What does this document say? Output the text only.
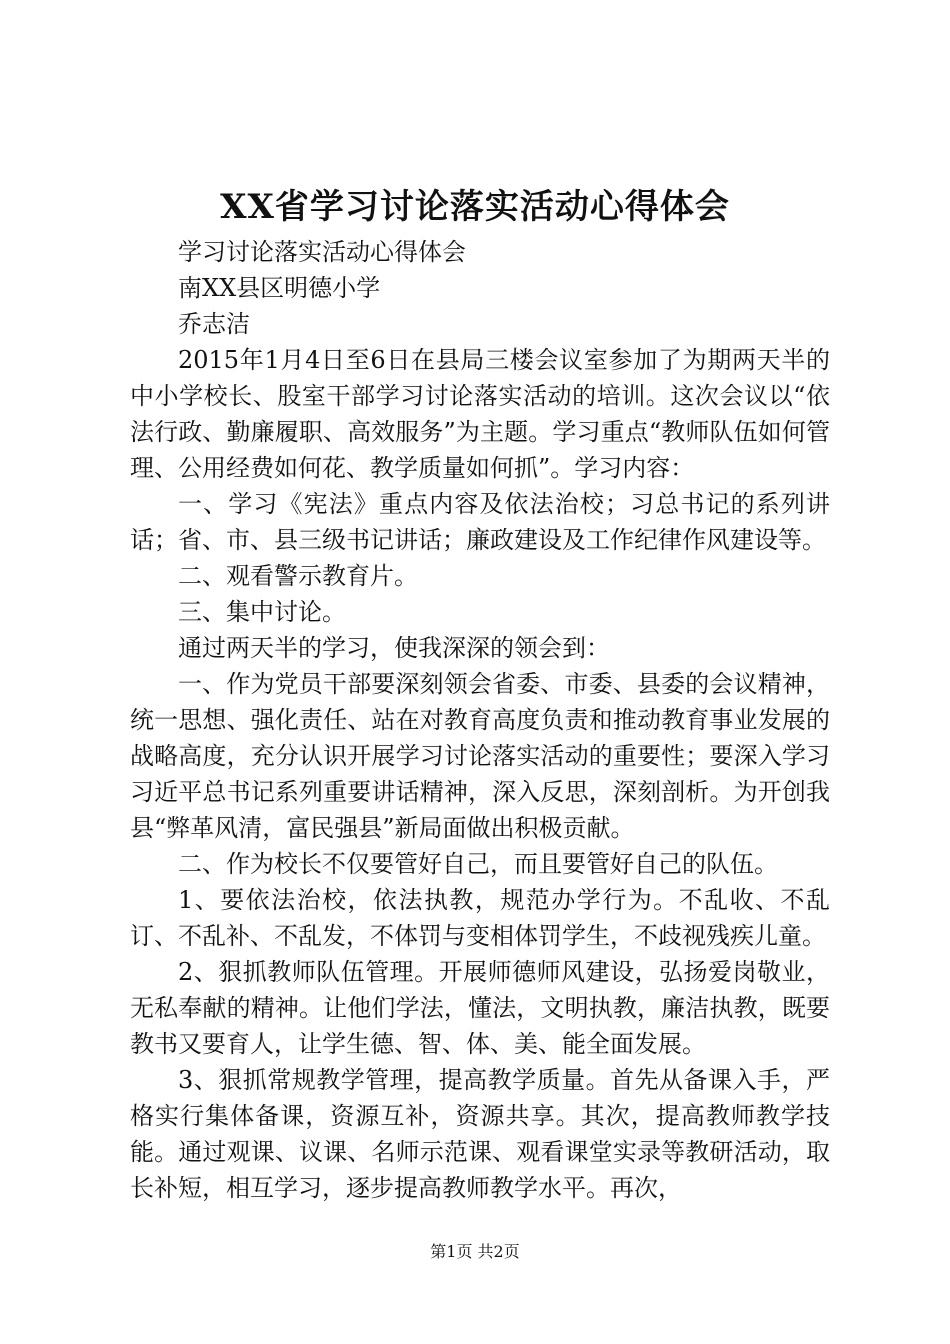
XX省学习讨论落实活动心得体会

学习讨论落实活动心得体会

南XX县区明德小学

乔志洁

2015年1月4日至6日在县局三楼会议室参加了为期两天半的中小学校长、股室干部学习讨论落实活动的培训。这次会议以“依法行政、勤廉履职、高效服务”为主题。学习重点“教师队伍如何管理、公用经费如何花、教学质量如何抓”。学习内容：

一、学习《宪法》重点内容及依法治校；习总书记的系列讲话；省、市、县三级书记讲话；廉政建设及工作纪律作风建设等。

二、观看警示教育片。

三、集中讨论。

通过两天半的学习，使我深深的领会到：

一、作为党员干部要深刻领会省委、市委、县委的会议精神，统一思想、强化责任、站在对教育高度负责和推动教育事业发展的战略高度，充分认识开展学习讨论落实活动的重要性；要深入学习习近平总书记系列重要讲话精神，深入反思，深刻剖析。为开创我县“弊革风清，富民强县”新局面做出积极贡献。

二、作为校长不仅要管好自己，而且要管好自己的队伍。

1、要依法治校，依法执教，规范办学行为。不乱收、不乱订、不乱补、不乱发，不体罚与变相体罚学生，不歧视残疾儿童。

2、狠抓教师队伍管理。开展师德师风建设，弘扬爱岗敬业，无私奉献的精神。让他们学法，懂法，文明执教，廉洁执教，既要教书又要育人，让学生德、智、体、美、能全面发展。

3、狠抓常规教学管理，提高教学质量。首先从备课入手，严格实行集体备课，资源互补，资源共享。其次，提高教师教学技能。通过观课、议课、名师示范课、观看课堂实录等教研活动，取长补短，相互学习，逐步提高教师教学水平。再次，

第1页 共2页
